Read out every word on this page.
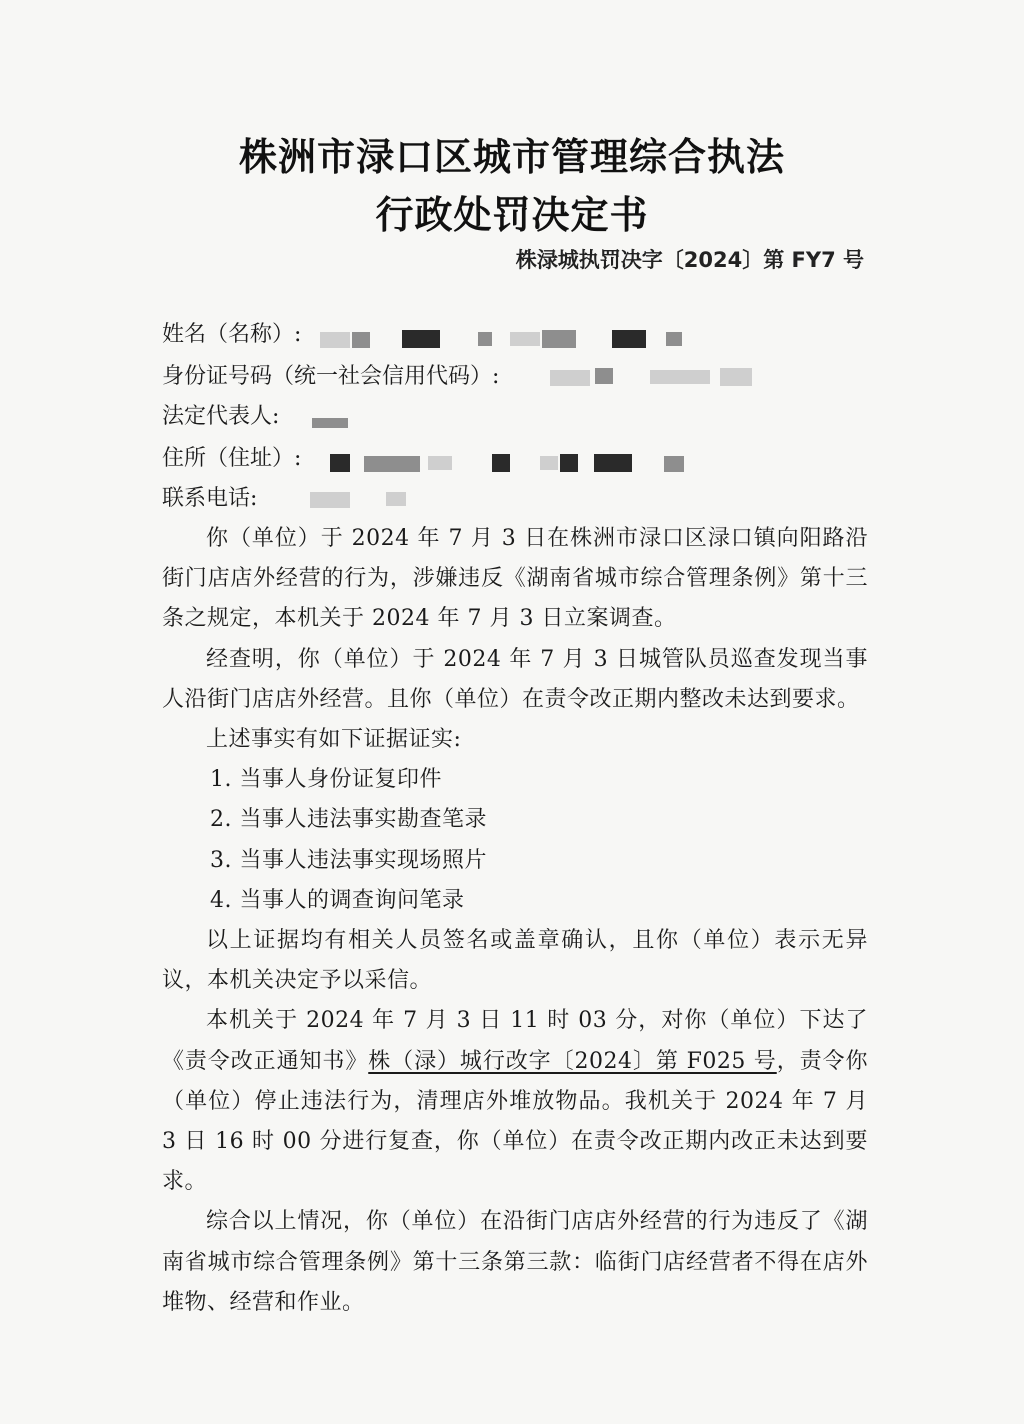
株洲市渌口区城市管理综合执法
行政处罚决定书
株渌城执罚决字〔2024〕第 FY7 号
姓名（名称）:
身份证号码（统一社会信用代码）:
法定代表人:
住所（住址）:
联系电话:

你（单位）于 2024 年 7 月 3 日在株洲市渌口区渌口镇向阳路沿街门店店外经营的行为，涉嫌违反《湖南省城市综合管理条例》第十三条之规定，本机关于 2024 年 7 月 3 日立案调查。

经查明，你（单位）于 2024 年 7 月 3 日城管队员巡查发现当事人沿街门店店外经营。且你（单位）在责令改正期内整改未达到要求。

上述事实有如下证据证实:

1. 当事人身份证复印件

2. 当事人违法事实勘查笔录

3. 当事人违法事实现场照片

4. 当事人的调查询问笔录

以上证据均有相关人员签名或盖章确认，且你（单位）表示无异议，本机关决定予以采信。

本机关于 2024 年 7 月 3 日 11 时 03 分，对你（单位）下达了《责令改正通知书》株（渌）城行改字〔2024〕第 F025 号，责令你（单位）停止违法行为，清理店外堆放物品。我机关于 2024 年 7 月 3 日 16 时 00 分进行复查，你（单位）在责令改正期内改正未达到要求。

综合以上情况，你（单位）在沿街门店店外经营的行为违反了《湖南省城市综合管理条例》第十三条第三款：临街门店经营者不得在店外堆物、经营和作业。
